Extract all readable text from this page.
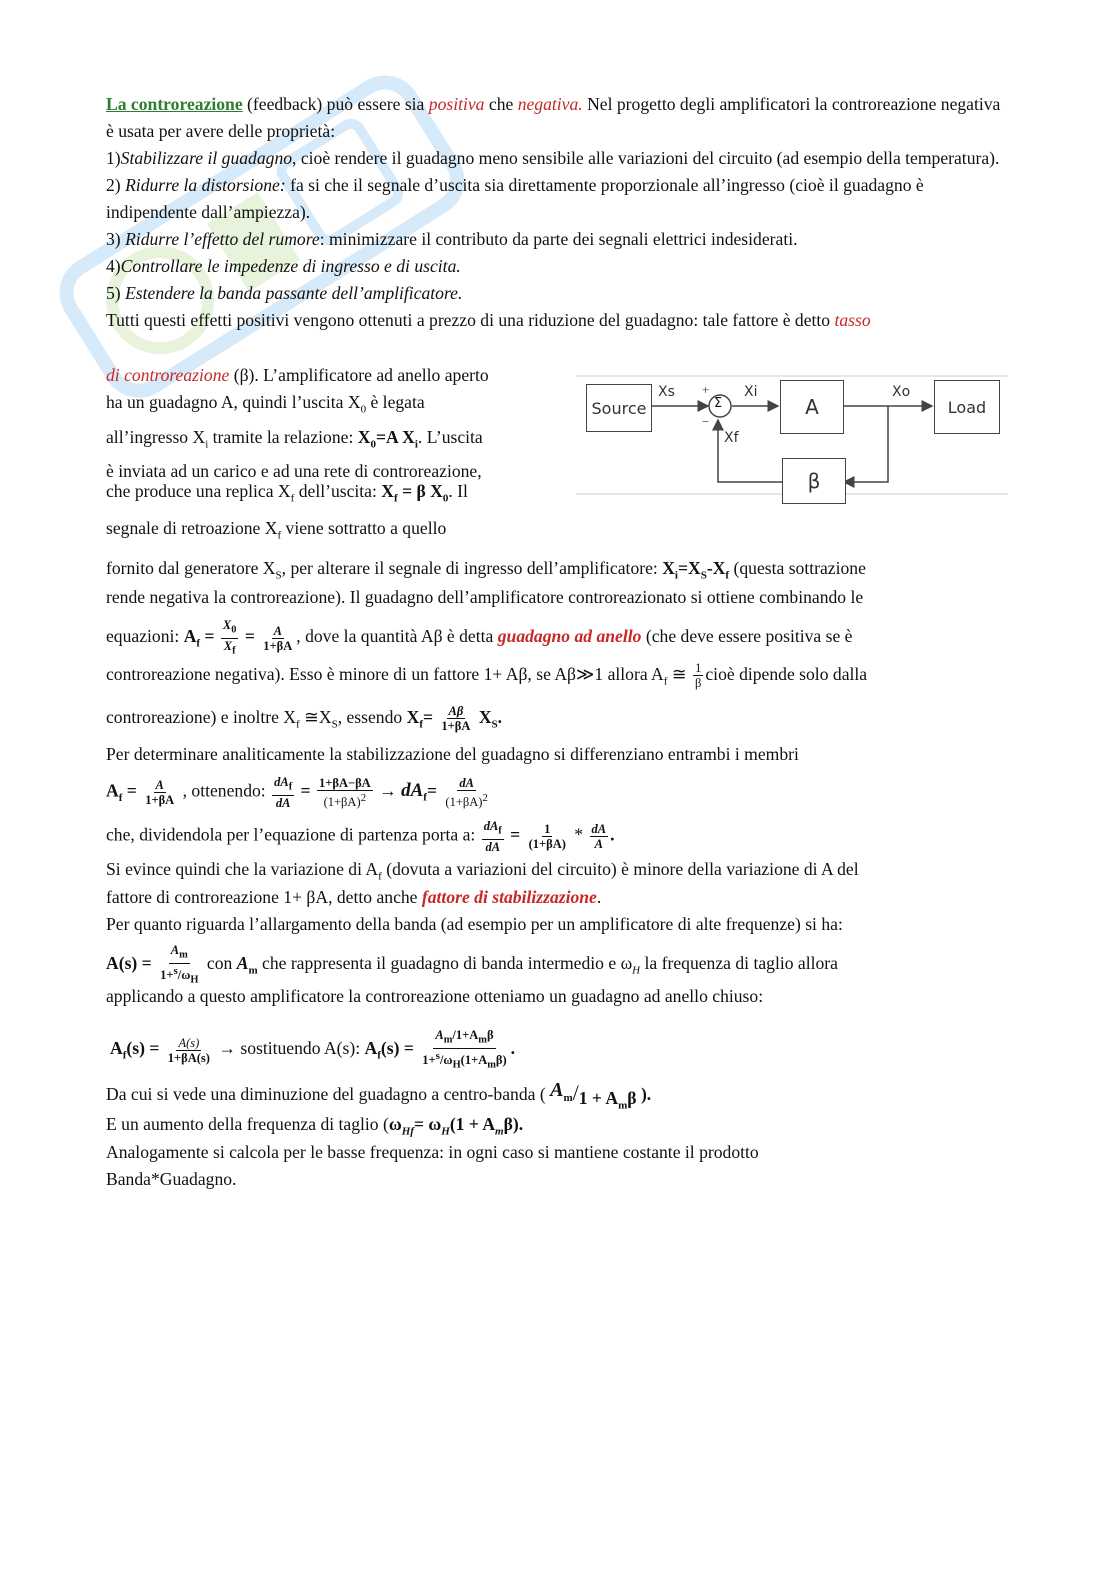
La controreazione (feedback) può essere sia positiva che negativa. Nel progetto degli amplificatori la controreazione negativa è usata per avere delle proprietà:
1)Stabilizzare il guadagno, cioè rendere il guadagno meno sensibile alle variazioni del circuito (ad esempio della temperatura).
2) Ridurre la distorsione: fa si che il segnale d’uscita sia direttamente proporzionale all’ingresso (cioè il guadagno è indipendente dall’ampiezza).
3) Ridurre l’effetto del rumore: minimizzare il contributo da parte dei segnali elettrici indesiderati.
4)Controllare le impedenze di ingresso e di uscita.
5) Estendere la banda passante dell’amplificatore.
Tutti questi effetti positivi vengono ottenuti a prezzo di una riduzione del guadagno: tale fattore è detto tasso
di controreazione (β). L’amplificatore ad anello aperto
ha un guadagno A, quindi l’uscita $X_0$ è legata
all’ingresso $X_i$ tramite la relazione: $X_0=A$ $X_i$. L’uscita
è inviata ad un carico e ad una rete di controreazione,
che produce una replica $X_f$ dell’uscita: $X_f = \beta$ $X_0$. Il
segnale di retroazione $X_f$ viene sottratto a quello
Source	A	Load
β
Σ
Xs	Xi	Xo
Xf
+
−
fornito dal generatore $X_S$, per alterare il segnale di ingresso dell’amplificatore: $X_i=X_S-X_f$ (questa sottrazione
rende negativa la controreazione). Il guadagno dell’amplificatore controreazionato si ottiene combinando le
equazioni: $A_f = \frac{X_0}{X_f} = \frac{A}{1+\beta A}$ , dove la quantità Aβ è detta guadagno ad anello (che deve essere positiva se è
controreazione negativa). Esso è minore di un fattore 1+ Aβ, se Aβ≫1 allora $A_f$ ≅ $\frac{1}{\beta}$ cioè dipende solo dalla
controreazione) e inoltre $X_f$ $≅X_S$, essendo $X_f= \frac{A\beta}{1+\beta A} X_S$.
Per determinare analiticamente la stabilizzazione del guadagno si differenziano entrambi i membri
$A_f = \frac{A}{1+\beta A}$ , ottenendo: $\frac{dA_f}{dA} = \frac{1+\beta A-\beta A}{(1+\beta A)^2} \to dA_f= \frac{dA}{(1+\beta A)^2}$
che, dividendola per l’equazione di partenza porta a: $\frac{dA_f}{dA} = \frac{1}{(1+\beta A)} * \frac{dA}{A}$ .
Si evince quindi che la variazione di $A_f$ (dovuta a variazioni del circuito) è minore della variazione di A del
fattore di controreazione 1+ βA, detto anche fattore di stabilizzazione.
Per quanto riguarda l’allargamento della banda (ad esempio per un amplificatore di alte frequenze) si ha:
$A(s) = \frac{A_m}{1+^s/\omega_H}$ con $A_m$ che rappresenta il guadagno di banda intermedio e $\omega_H$ la frequenza di taglio allora
applicando a questo amplificatore la controreazione otteniamo un guadagno ad anello chiuso:
$A_f(s) = \frac{A(s)}{1+\beta A(s)}$ → sostituendo A(s): $A_f(s) = \frac{A_m/1+A_m\beta}{1+^s/\omega_H(1+A_m\beta)}$ .
Da cui si vede una diminuzione del guadagno a centro-banda ( $A_m/1 + A_m\beta$ ).
E un aumento della frequenza di taglio ($\omega_{Hf}= \omega_H(1 + A_m\beta)$.
Analogamente si calcola per le basse frequenza: in ogni caso si mantiene costante il prodotto
Banda*Guadagno.
